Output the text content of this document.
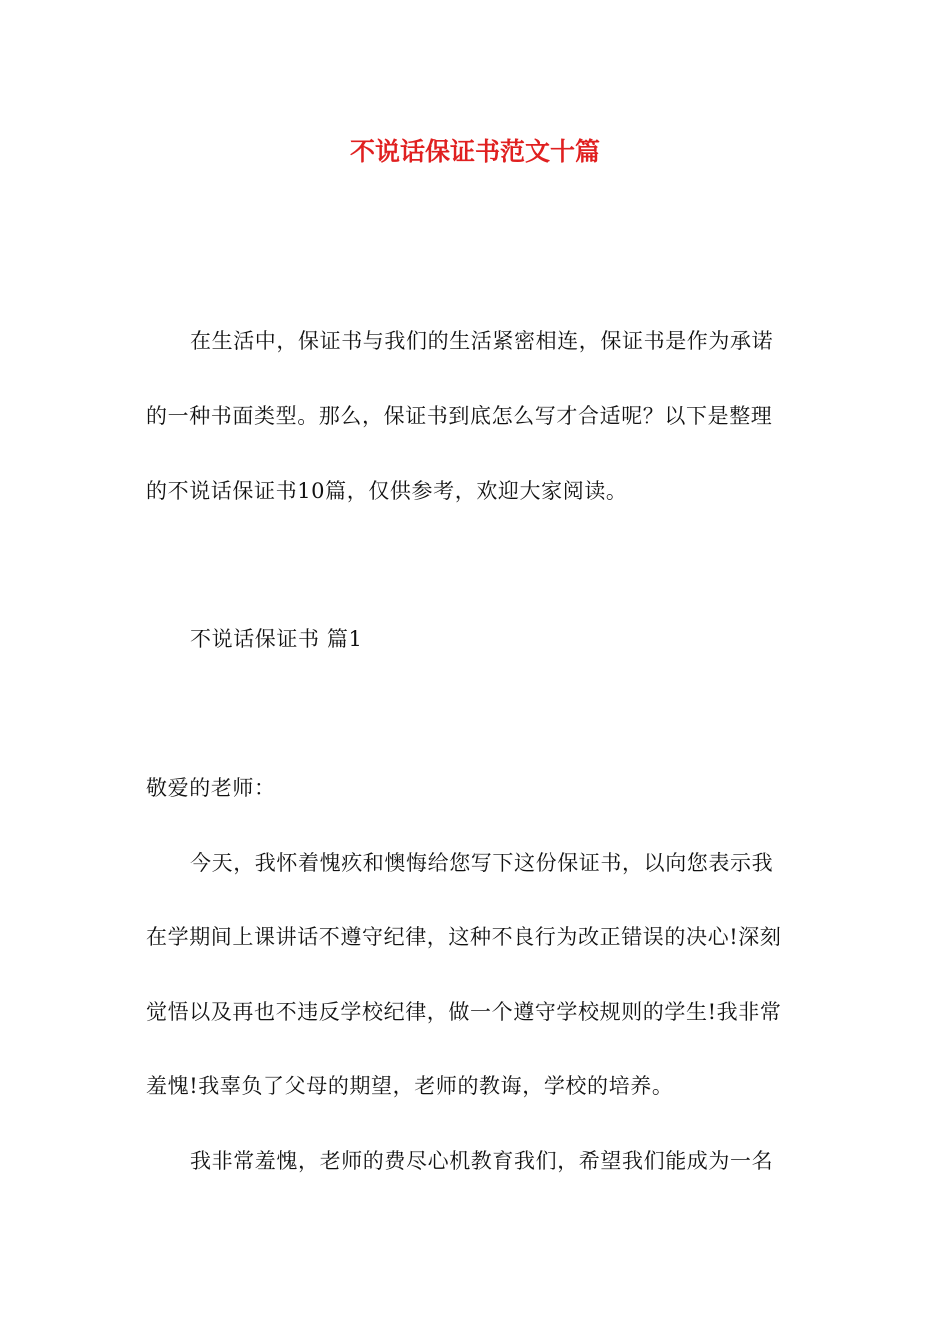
不说话保证书范文十篇
在生活中，保证书与我们的生活紧密相连，保证书是作为承诺
的一种书面类型。那么，保证书到底怎么写才合适呢？以下是整理
的不说话保证书10篇，仅供参考，欢迎大家阅读。
不说话保证书 篇1
敬爱的老师：
今天，我怀着愧疚和懊悔给您写下这份保证书，以向您表示我
在学期间上课讲话不遵守纪律，这种不良行为改正错误的决心!深刻
觉悟以及再也不违反学校纪律，做一个遵守学校规则的学生!我非常
羞愧!我辜负了父母的期望，老师的教诲，学校的培养。
我非常羞愧，老师的费尽心机教育我们，希望我们能成为一名
